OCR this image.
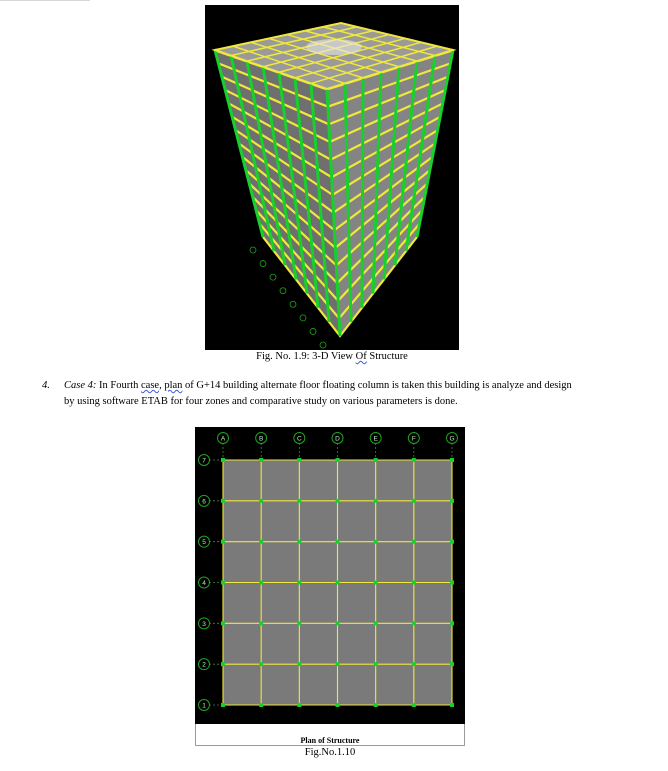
Fig. No. 1.9: 3-D View Of Structure
4. Case 4: In Fourth case, plan of G+14 building alternate floor floating column is taken this building is analyze and design
by using software ETAB for four zones and comparative study on various parameters is done.
A	B	C	D	E	F	G
7
6
5
4
3
2
1
Plan of Structure
Fig.No.1.10
